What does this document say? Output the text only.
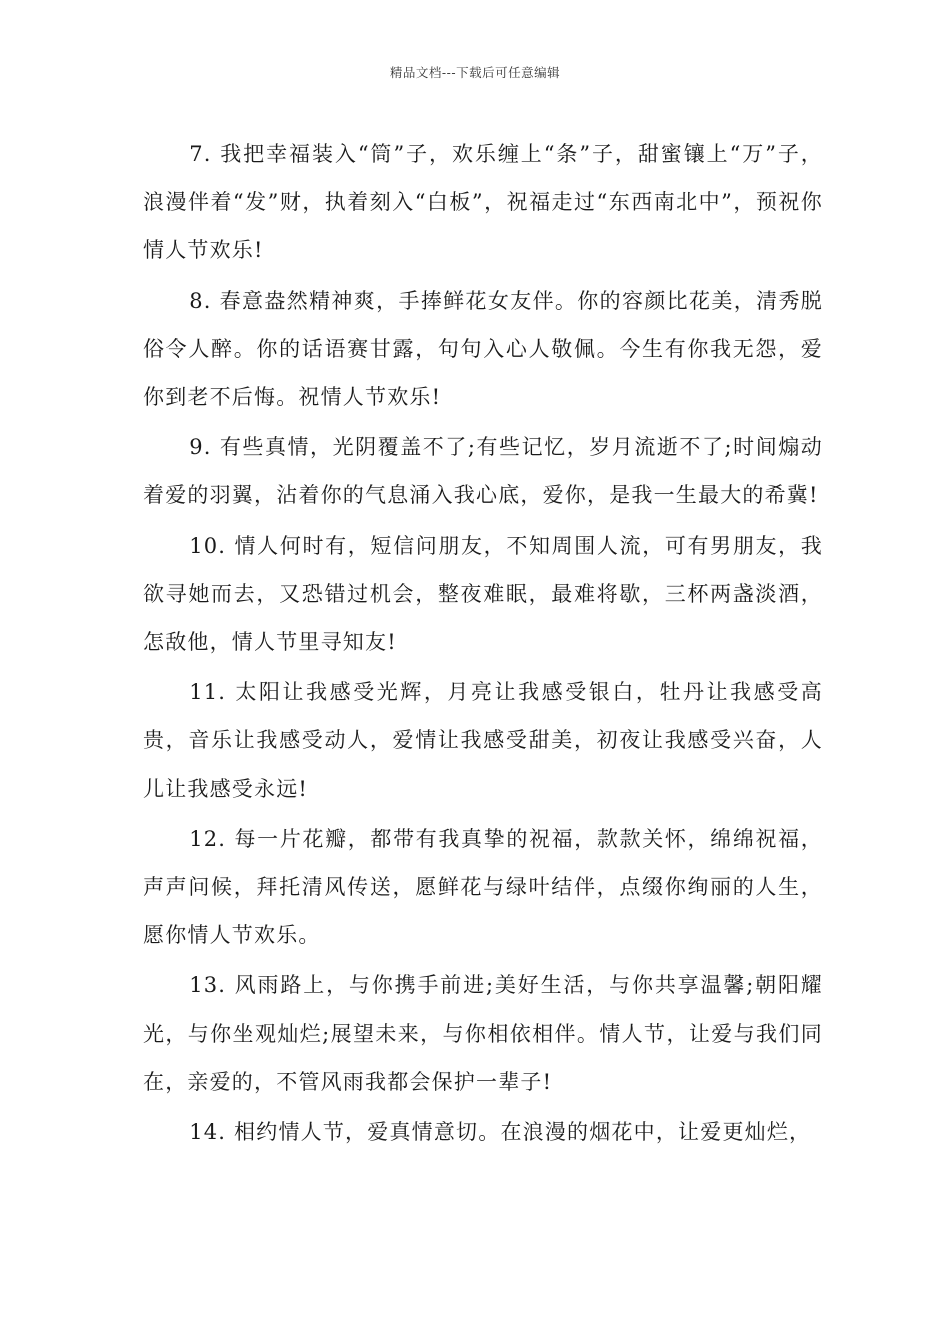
精品文档---下载后可任意编辑

7. 我把幸福装入“筒”子，欢乐缠上“条”子，甜蜜镶上“万”子，浪漫伴着“发”财，执着刻入“白板”，祝福走过“东西南北中”，预祝你情人节欢乐!

8. 春意盎然精神爽，手捧鲜花女友伴。你的容颜比花美，清秀脱俗令人醉。你的话语赛甘露，句句入心人敬佩。今生有你我无怨，爱你到老不后悔。祝情人节欢乐!

9. 有些真情，光阴覆盖不了;有些记忆，岁月流逝不了;时间煽动着爱的羽翼，沾着你的气息涌入我心底，爱你，是我一生最大的希冀!

10. 情人何时有，短信问朋友，不知周围人流，可有男朋友，我欲寻她而去，又恐错过机会，整夜难眠，最难将歇，三杯两盏淡酒，怎敌他，情人节里寻知友!

11. 太阳让我感受光辉，月亮让我感受银白，牡丹让我感受高贵，音乐让我感受动人，爱情让我感受甜美，初夜让我感受兴奋，人儿让我感受永远!

12. 每一片花瓣，都带有我真挚的祝福，款款关怀，绵绵祝福，声声问候，拜托清风传送，愿鲜花与绿叶结伴，点缀你绚丽的人生，愿你情人节欢乐。

13. 风雨路上，与你携手前进;美好生活，与你共享温馨;朝阳耀光，与你坐观灿烂;展望未来，与你相依相伴。情人节，让爱与我们同在，亲爱的，不管风雨我都会保护一辈子!

14. 相约情人节，爱真情意切。在浪漫的烟花中，让爱更灿烂，
